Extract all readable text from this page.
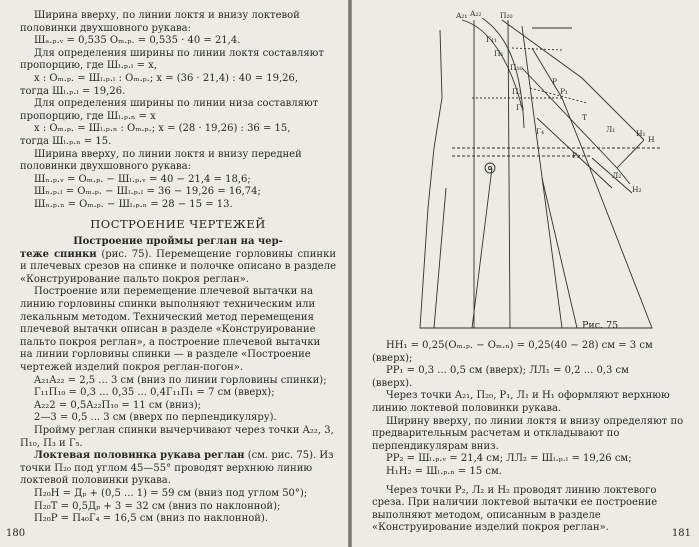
Ширина вверху, по линии локтя и внизу локтевой половинки двухшовного рукава:
Шₐ.ₚ.ᵥ = 0,535 Оₘ.ₚ. = 0,535 · 40 = 21,4.
Для определения ширины по линии локтя составляют пропорцию, где Шₗ.ₚ.ₗ = x,
x : Оₘ.ₚ. = Шₗ.ₚ.ₗ : Оₘ.ₚ.; x = (36 · 21,4) : 40 = 19,26,
тогда Шₗ.ₚ.ₗ = 19,26.
Для определения ширины по линии низа составляют пропорцию, где Шₗ.ₚ.ₙ = x
x : Оₘ.ₚ. = Шₗ.ₚ.ₙ : Оₘ.ₚ.; x = (28 · 19,26) : 36 = 15,
тогда Шₗ.ₚ.ₙ = 15.
Ширина вверху, по линии локтя и внизу передней половинки двухшовного рукава:
Шₙ.ₚ.ᵥ = Оₘ.ₚ. − Шₗ.ₚ.ᵥ = 40 − 21,4 = 18,6;
Шₙ.ₚ.ₗ = Оₘ.ₚ. − Шₗ.ₚ.ₗ = 36 − 19,26 = 16,74;
Шₙ.ₚ.ₙ = Оₘ.ₚ. − Шₗ.ₚ.ₙ = 28 − 15 = 13.
ПОСТРОЕНИЕ ЧЕРТЕЖЕЙ
Построение проймы реглан на чер-
теже спинки (рис. 75). Перемещение горловины спинки и плечевых срезов на спинке и полочке описано в разделе «Конструирование пальто покроя реглан».
Построение или перемещение плечевой вытачки на линию горловины спинки выполняют техническим или лекальным методом. Технический метод перемещения плечевой вытачки описан в разделе «Конструирование пальто покроя реглан», а построение плечевой вытачки на линии горловины спинки — в разделе «Построение чертежей изделий покроя реглан-погон».
A₂₁A₂₂ = 2,5 ... 3 см (вниз по линии горловины спинки);
Г₁₁П₁₀ = 0,3 ... 0,35 ... 0,4Г₁₁П₁ = 7 см (вверх);
A₂₂2 = 0,5A₂₂П₁₀ = 11 см (вниз);
2—3 = 0,5 ... 3 см (вверх по перпендикуляру).
Пройму реглан спинки вычерчивают через точки A₂₂, 3, П₁₀, П₃ и Г₅.
Локтевая половинка рукава реглан (см. рис. 75). Из точки П₂₀ под углом 45—55° проводят верхнюю линию локтевой половинки рукава.
П₂₀Н = Дₚ + (0,5 ... 1) = 59 см (вниз под углом 50°);
П₂₀Т = 0,5Дₚ + 3 = 32 см (вниз по наклонной);
П₂₀Р = П₄₀Г₄ = 16,5 см (вниз по наклонной).
180
A₂₁ A₂₂ П₂₀
П₁₀
П₃
Г₅
Г₄
Р
Т
Н
Н₁
Н₂
Л₁
Л₂
Р₁
Р₂
Г₁₁
П₁
Рис. 75
НН₁ = 0,25(Оₘ.ₚ. − Оₘ.ₙ) = 0,25(40 − 28) см = 3 см
(вверх);
РР₁ = 0,3 ... 0,5 см (вверх); ЛЛ₁ = 0,2 ... 0,3 см
(вверх).
Через точки A₂₁, П₂₀, Р₁, Л₁ и Н₁ оформляют верхнюю линию локтевой половинки рукава.
Ширину вверху, по линии локтя и внизу определяют по предварительным расчетам и откладывают по перпендикулярам вниз.
РР₂ = Шₗ.ₚ.ᵥ = 21,4 см; ЛЛ₂ = Шₗ.ₚ.ₗ = 19,26 см;
Н₁Н₂ = Шₗ.ₚ.ₙ = 15 см.
Через точки Р₂, Л₂ и Н₂ проводят линию локтевого среза. При наличии локтевой вытачки ее построение выполняют методом, описанным в разделе «Конструирование изделий покроя реглан».
181
